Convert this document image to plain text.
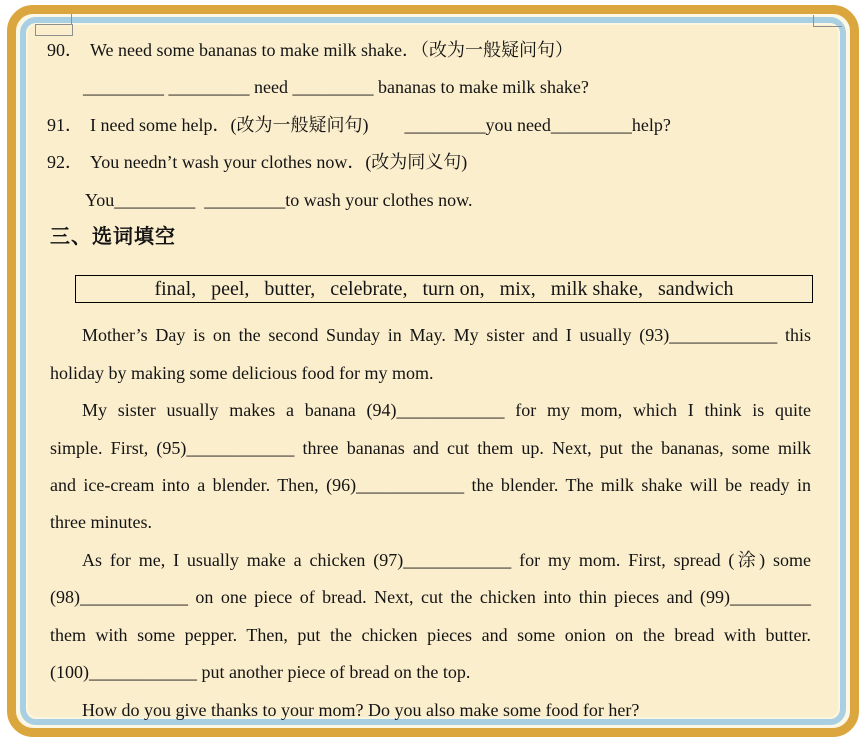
90． We need some bananas to make milk shake．（改为一般疑问句）
_________ _________ need _________ bananas to make milk shake?
91． I need some help．(改为一般疑问句)        _________you need_________help?
92． You needn’t wash your clothes now．(改为同义句)
You_________  _________to wash your clothes now.
三、选词填空
final,   peel,   butter,   celebrate,   turn on,   mix,   milk shake,   sandwich
Mother’s Day is on the second Sunday in May. My sister and I usually (93)____________ this
holiday by making some delicious food for my mom.
My sister usually makes a banana (94)____________ for my mom, which I think is quite
simple. First, (95)____________ three bananas and cut them up. Next, put the bananas, some milk
and ice-cream into a blender. Then, (96)____________ the blender. The milk shake will be ready in
three minutes.
As for me, I usually make a chicken (97)____________ for my mom. First, spread (涂) some
(98)____________ on one piece of bread. Next, cut the chicken into thin pieces and (99)_________
them with some pepper. Then, put the chicken pieces and some onion on the bread with butter.
(100)____________ put another piece of bread on the top.
How do you give thanks to your mom? Do you also make some food for her?
